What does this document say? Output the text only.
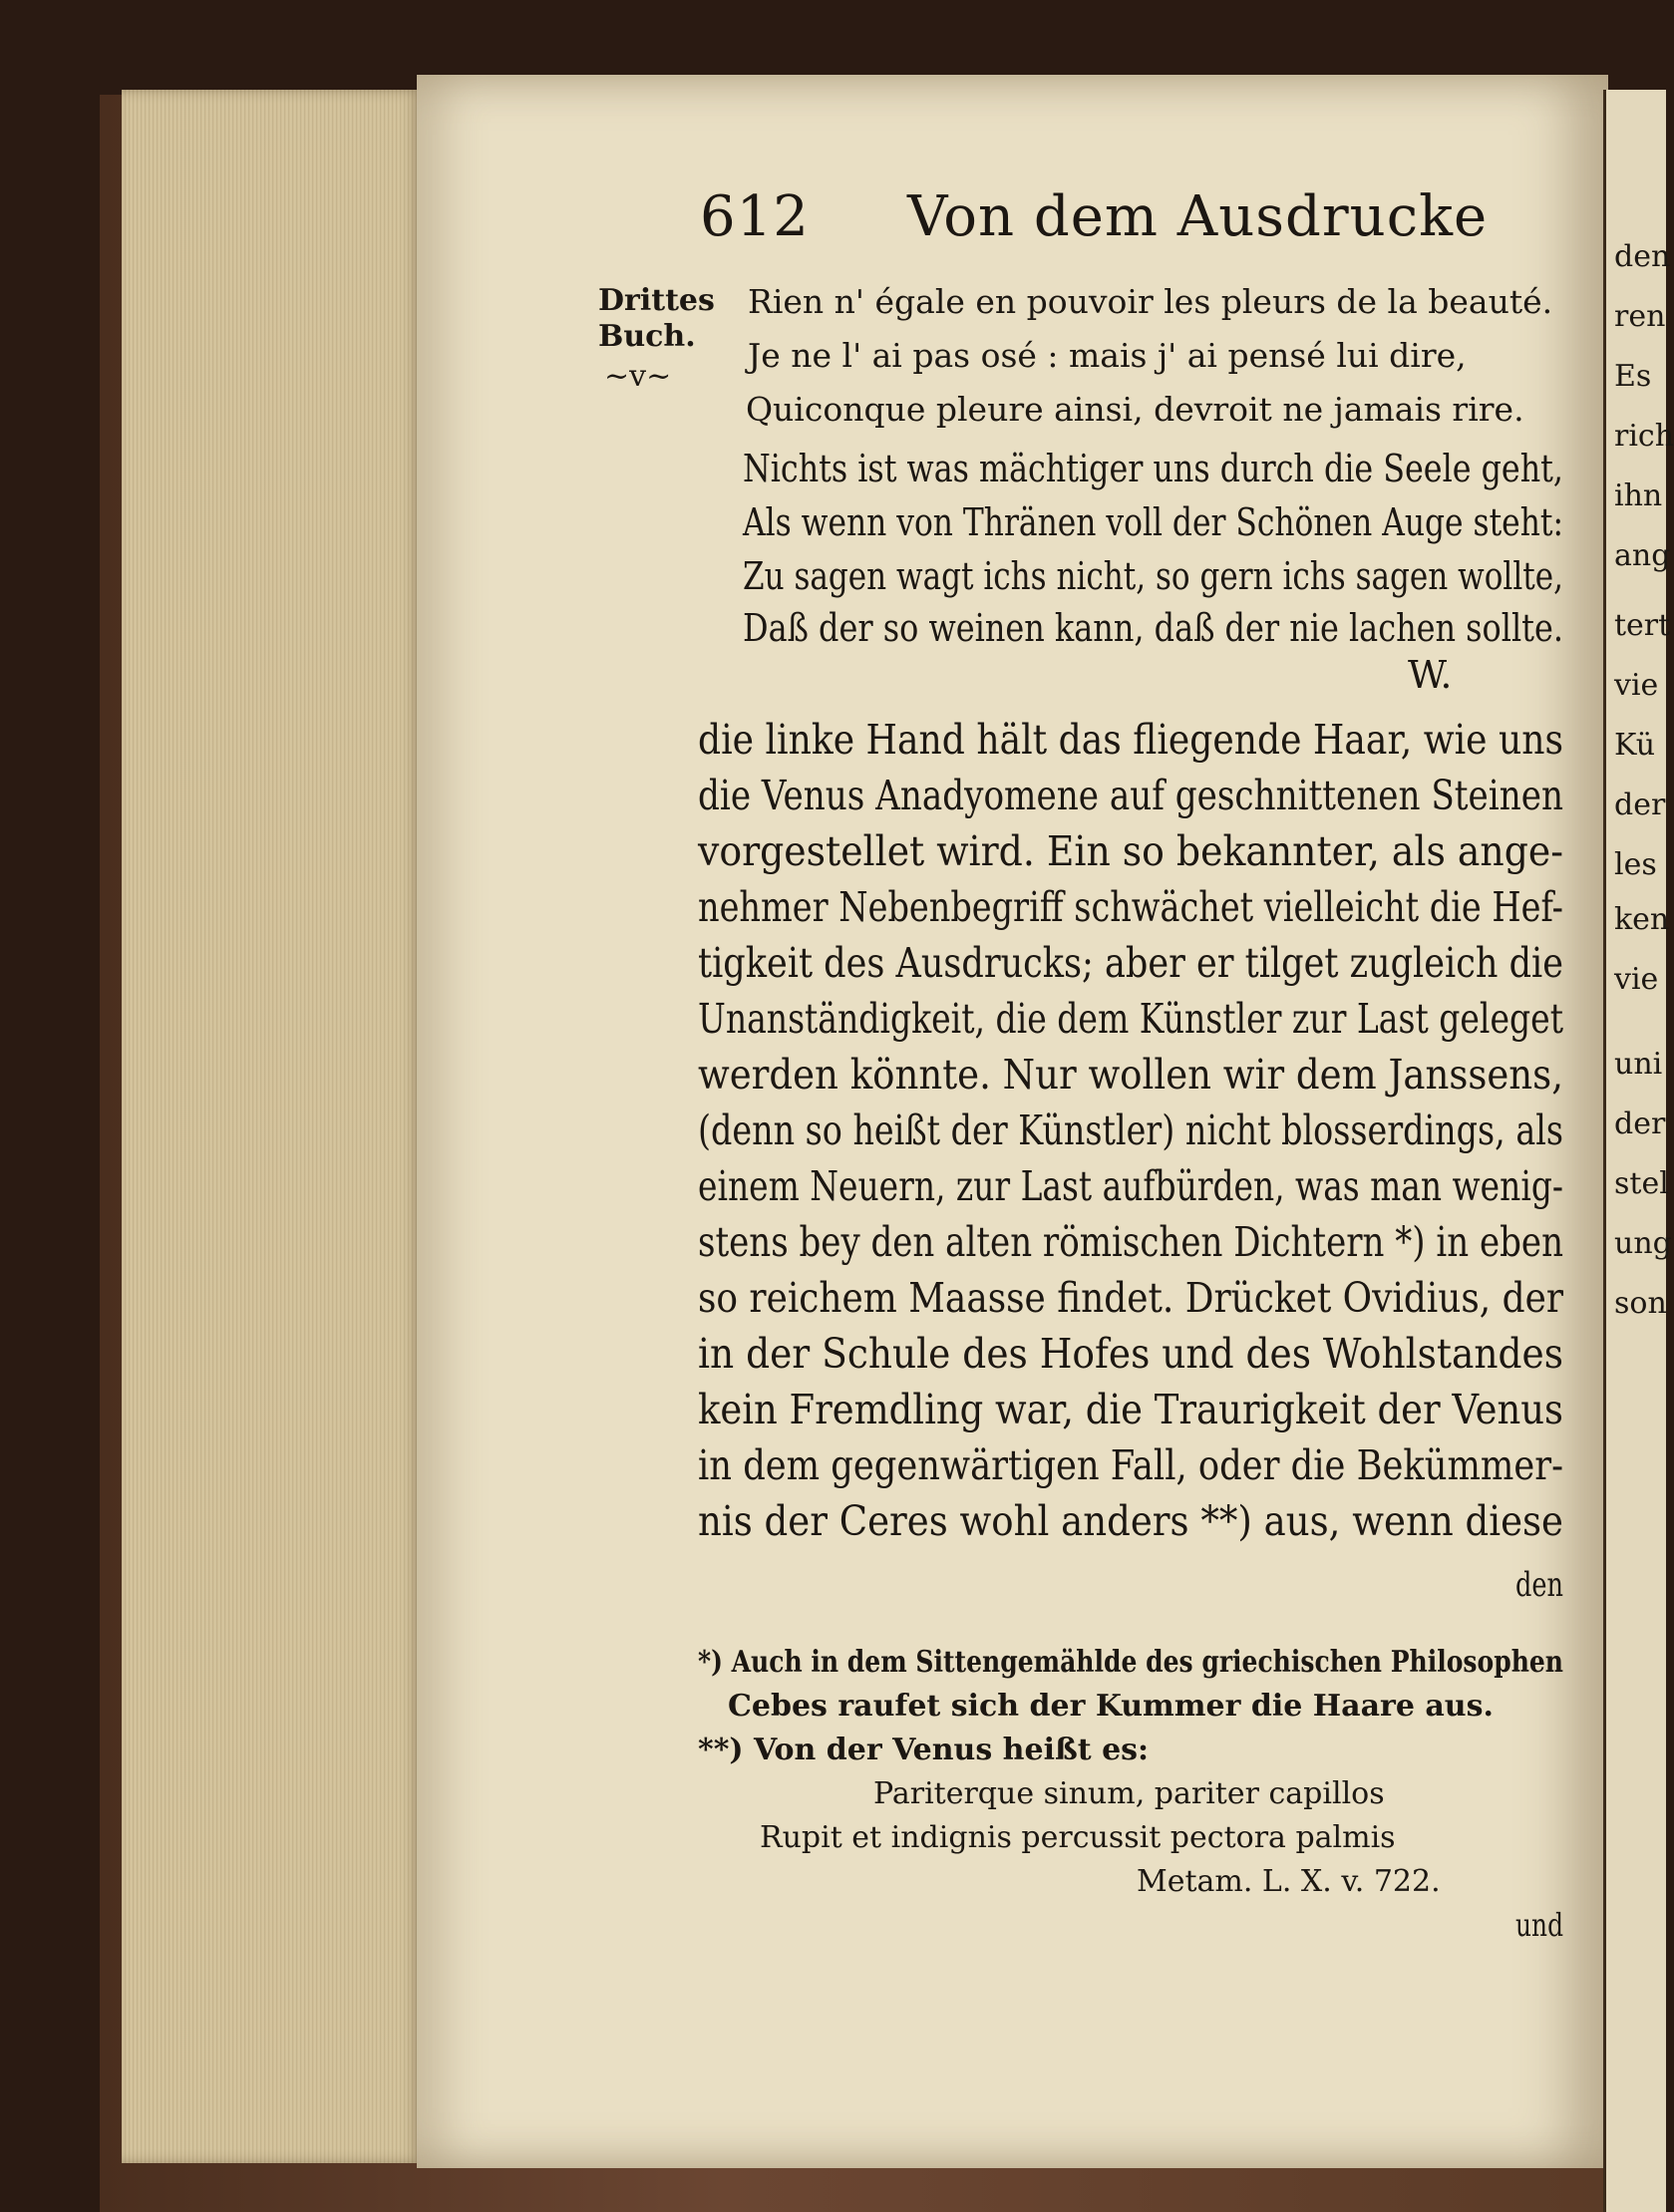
den
ren
Es
rich
ihn
ang
tert
vie
Kü
der
les
ken
vie
uni
der
stel
ung
son
612 Von dem Ausdrucke
Drittes
Buch.
~v~
Rien n' égale en pouvoir les pleurs de la beauté.
Je ne l' ai pas osé : mais j' ai pensé lui dire,
Quiconque pleure ainsi, devroit ne jamais rire.
Nichts ist was mächtiger uns durch die Seele geht,
Als wenn von Thränen voll der Schönen Auge steht:
Zu sagen wagt ichs nicht, so gern ichs sagen wollte,
Daß der so weinen kann, daß der nie lachen sollte.
W.
die linke Hand hält das fliegende Haar, wie uns
die Venus Anadyomene auf geschnittenen Steinen
vorgestellet wird. Ein so bekannter, als ange-
nehmer Nebenbegriff schwächet vielleicht die Hef-
tigkeit des Ausdrucks; aber er tilget zugleich die
Unanständigkeit, die dem Künstler zur Last geleget
werden könnte. Nur wollen wir dem Janssens,
(denn so heißt der Künstler) nicht blosserdings, als
einem Neuern, zur Last aufbürden, was man wenig-
stens bey den alten römischen Dichtern *) in eben
so reichem Maasse findet. Drücket Ovidius, der
in der Schule des Hofes und des Wohlstandes
kein Fremdling war, die Traurigkeit der Venus
in dem gegenwärtigen Fall, oder die Bekümmer-
nis der Ceres wohl anders **) aus, wenn diese
den
*) Auch in dem Sittengemählde des griechischen Philosophen
Cebes raufet sich der Kummer die Haare aus.
**) Von der Venus heißt es:
Pariterque sinum, pariter capillos
Rupit et indignis percussit pectora palmis
Metam. L. X. v. 722.
und
